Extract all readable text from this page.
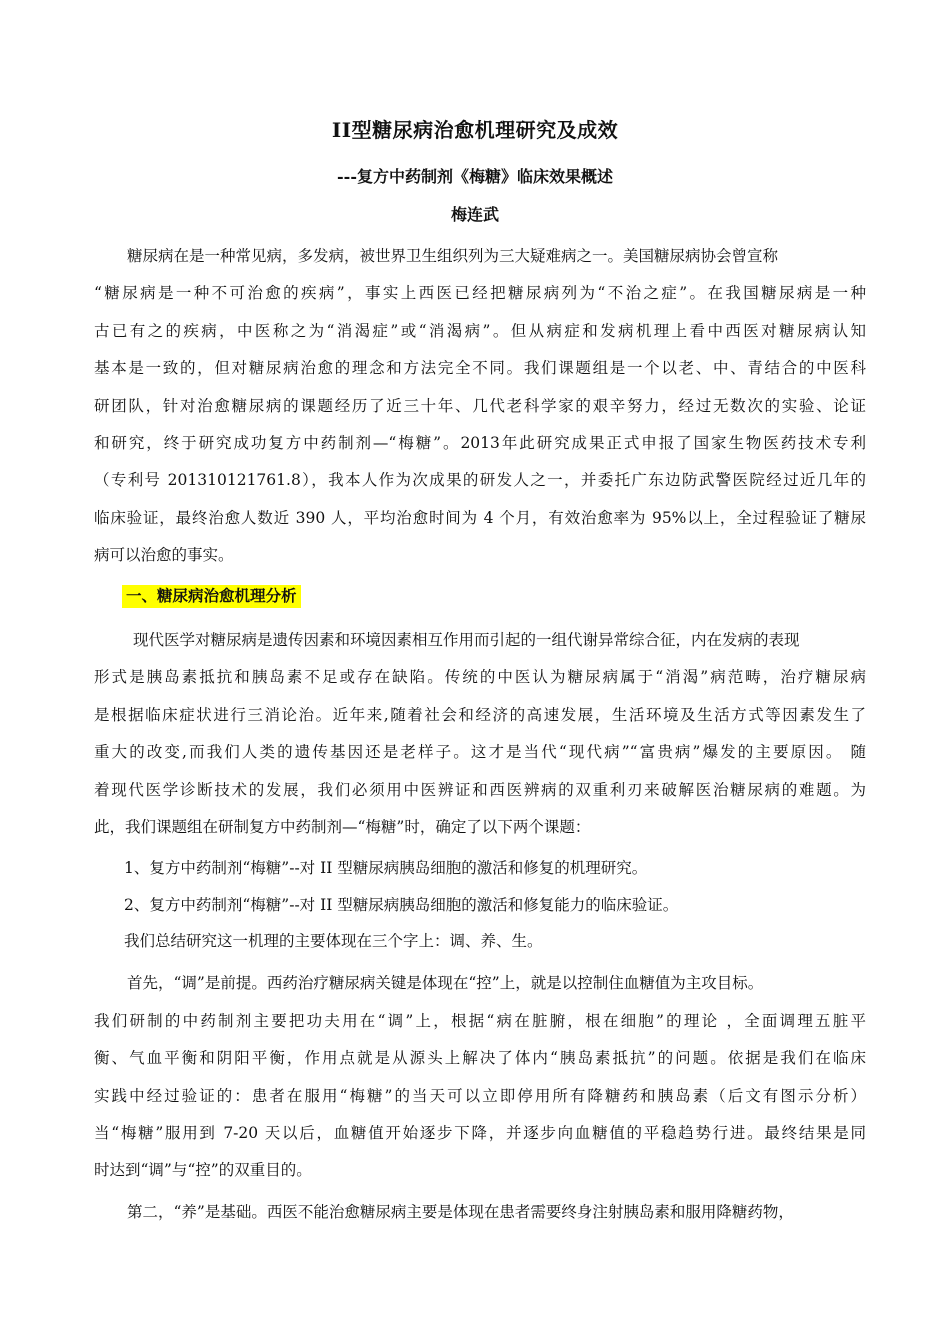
II型糖尿病治愈机理研究及成效
---复方中药制剂《梅糖》临床效果概述
梅连武
糖尿病在是一种常见病，多发病，被世界卫生组织列为三大疑难病之一。美国糖尿病协会曾宣称
“糖尿病是一种不可治愈的疾病”，事实上西医已经把糖尿病列为“不治之症”。在我国糖尿病是一种
古已有之的疾病，中医称之为“消渴症”或“消渴病”。但从病症和发病机理上看中西医对糖尿病认知
基本是一致的，但对糖尿病治愈的理念和方法完全不同。我们课题组是一个以老、中、青结合的中医科
研团队，针对治愈糖尿病的课题经历了近三十年、几代老科学家的艰辛努力，经过无数次的实验、论证
和研究，终于研究成功复方中药制剂—“梅糖”。2013年此研究成果正式申报了国家生物医药技术专利
（专利号 201310121761.8），我本人作为次成果的研发人之一，并委托广东边防武警医院经过近几年的
临床验证，最终治愈人数近 390 人，平均治愈时间为 4 个月，有效治愈率为 95%以上，全过程验证了糖尿
病可以治愈的事实。
一、糖尿病治愈机理分析
现代医学对糖尿病是遗传因素和环境因素相互作用而引起的一组代谢异常综合征，内在发病的表现
形式是胰岛素抵抗和胰岛素不足或存在缺陷。传统的中医认为糖尿病属于“消渴”病范畴，治疗糖尿病
是根据临床症状进行三消论治。近年来,随着社会和经济的高速发展，生活环境及生活方式等因素发生了
重大的改变,而我们人类的遗传基因还是老样子。这才是当代“现代病”“富贵病”爆发的主要原因。 随
着现代医学诊断技术的发展，我们必须用中医辨证和西医辨病的双重利刃来破解医治糖尿病的难题。为
此，我们课题组在研制复方中药制剂—“梅糖”时，确定了以下两个课题：
1、复方中药制剂“梅糖”--对 II 型糖尿病胰岛细胞的激活和修复的机理研究。
2、复方中药制剂“梅糖”--对 II 型糖尿病胰岛细胞的激活和修复能力的临床验证。
我们总结研究这一机理的主要体现在三个字上：调、养、生。
首先，“调”是前提。西药治疗糖尿病关键是体现在“控”上，就是以控制住血糖值为主攻目标。
我们研制的中药制剂主要把功夫用在“调”上，根据“病在脏腑，根在细胞”的理论 ，全面调理五脏平
衡、气血平衡和阴阳平衡，作用点就是从源头上解决了体内“胰岛素抵抗”的问题。依据是我们在临床
实践中经过验证的：患者在服用“梅糖”的当天可以立即停用所有降糖药和胰岛素（后文有图示分析）
当“梅糖”服用到 7-20 天以后，血糖值开始逐步下降，并逐步向血糖值的平稳趋势行进。最终结果是同
时达到“调”与“控”的双重目的。
第二，“养”是基础。西医不能治愈糖尿病主要是体现在患者需要终身注射胰岛素和服用降糖药物，
